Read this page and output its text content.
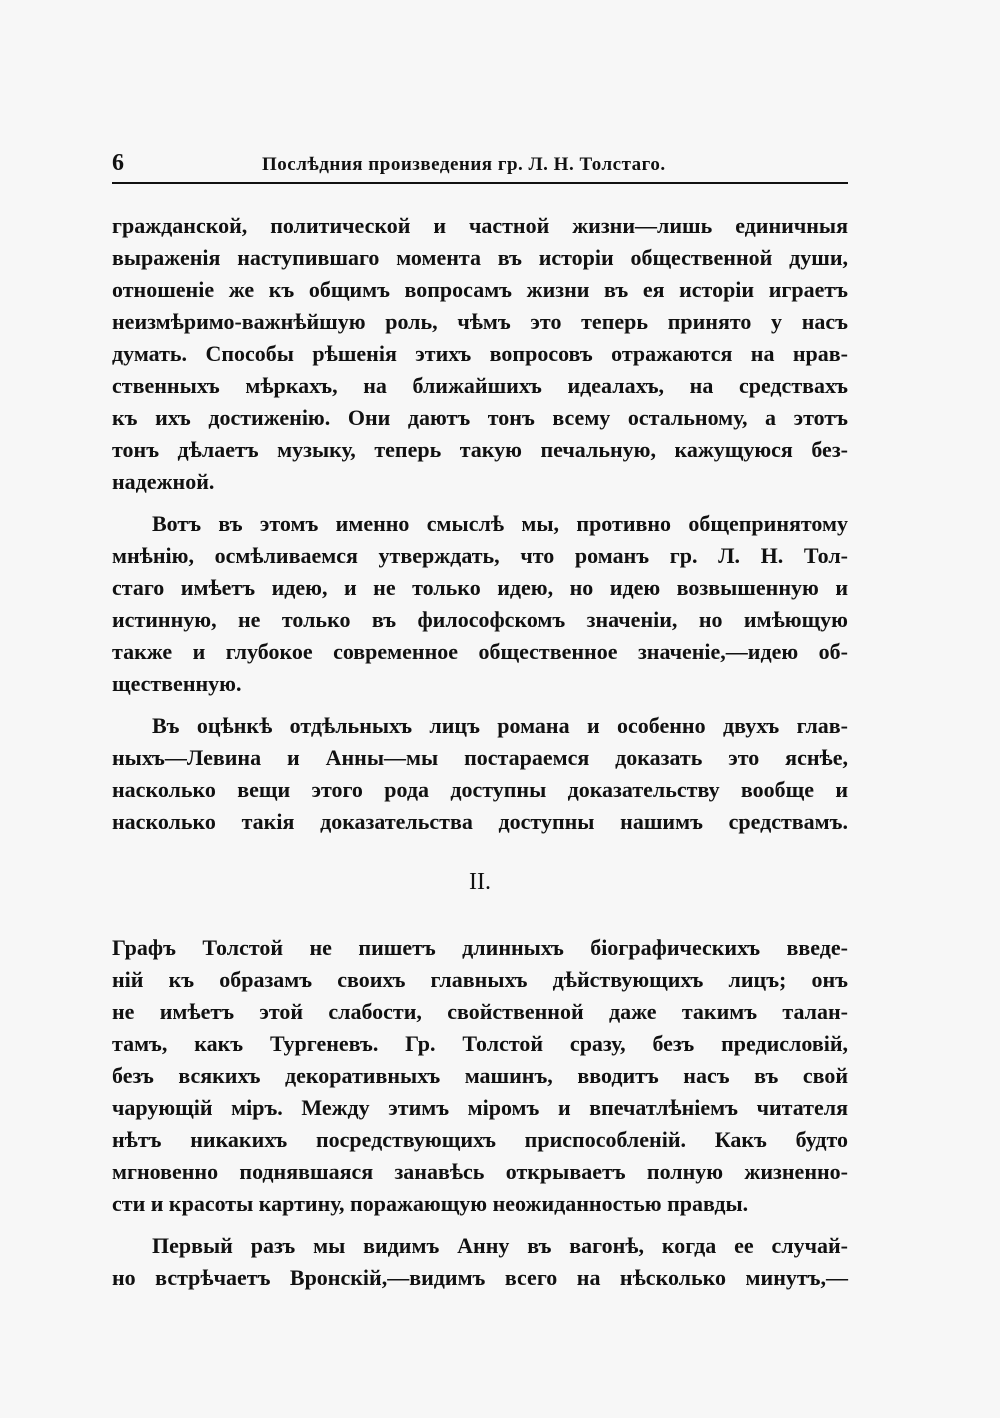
6	Послѣдния произведения гр. Л. Н. Толстаго.
гражданской, политической и частной жизни—лишь единичныя
выраженія наступившаго момента въ исторіи общественной души,
отношеніе же къ общимъ вопросамъ жизни въ ея исторіи играетъ
неизмѣримо-важнѣйшую роль, чѣмъ это теперь принято у насъ
думать. Способы рѣшенія этихъ вопросовъ отражаются на нрав-
ственныхъ мѣркахъ, на ближайшихъ идеалахъ, на средствахъ
къ ихъ достиженію. Они даютъ тонъ всему остальному, а этотъ
тонъ дѣлаетъ музыку, теперь такую печальную, кажущуюся без-
надежной.
Вотъ въ этомъ именно смыслѣ мы, противно общепринятому
мнѣнію, осмѣливаемся утверждать, что романъ гр. Л. Н. Тол-
стаго имѣетъ идею, и не только идею, но идею возвышенную и
истинную, не только въ философскомъ значеніи, но имѣющую
также и глубокое современное общественное значеніе,—идею об-
щественную.
Въ оцѣнкѣ отдѣльныхъ лицъ романа и особенно двухъ глав-
ныхъ—Левина и Анны—мы постараемся доказать это яснѣе,
насколько вещи этого рода доступны доказательству вообще и
насколько такія доказательства доступны нашимъ средствамъ.
II.
Графъ Толстой не пишетъ длинныхъ біографическихъ введе-
ній къ образамъ своихъ главныхъ дѣйствующихъ лицъ; онъ
не имѣетъ этой слабости, свойственной даже такимъ талан-
тамъ, какъ Тургеневъ. Гр. Толстой сразу, безъ предисловій,
безъ всякихъ декоративныхъ машинъ, вводитъ насъ въ свой
чарующій міръ. Между этимъ міромъ и впечатлѣніемъ читателя
нѣтъ никакихъ посредствующихъ приспособленій. Какъ будто
мгновенно поднявшаяся занавѣсь открываетъ полную жизненно-
сти и красоты картину, поражающую неожиданностью правды.
Первый разъ мы видимъ Анну въ вагонѣ, когда ее случай-
но встрѣчаетъ Вронскій,—видимъ всего на нѣсколько минутъ,—
